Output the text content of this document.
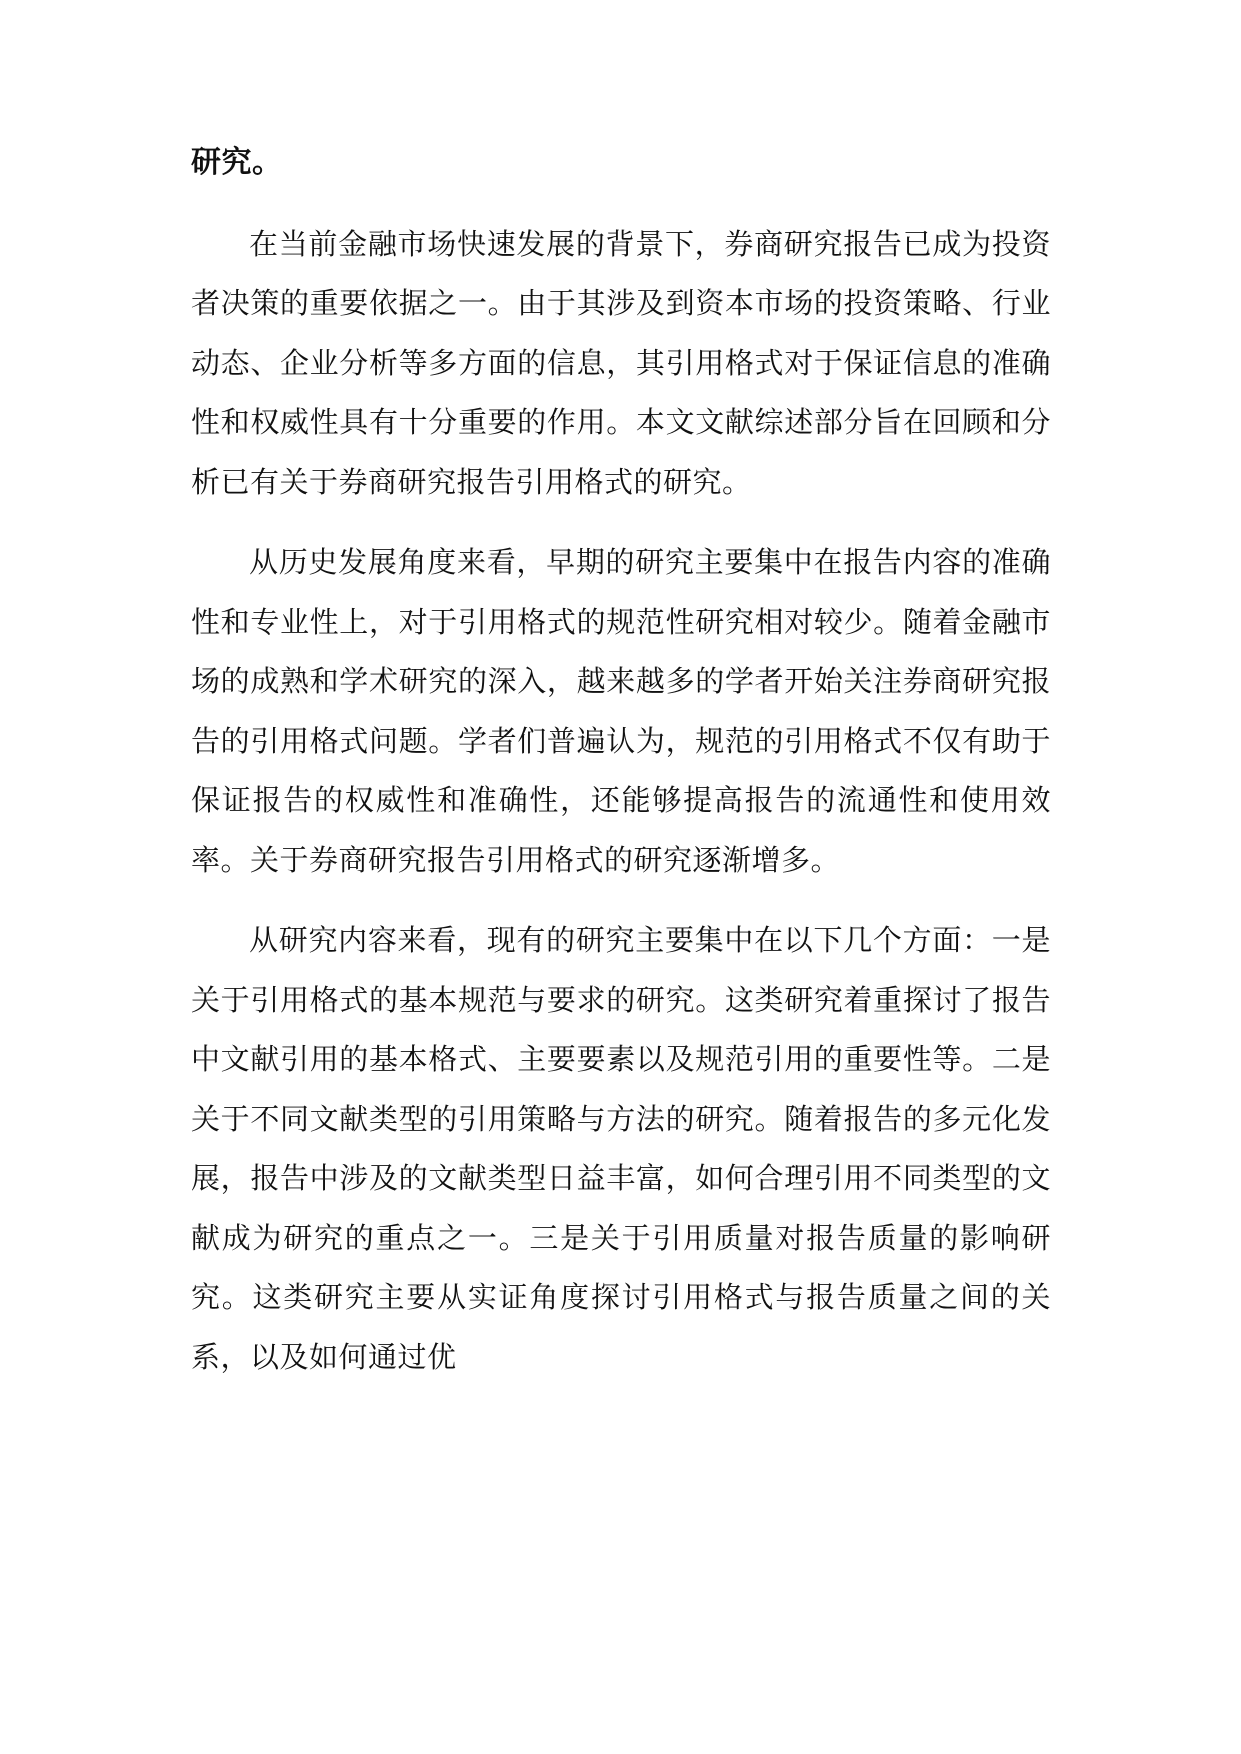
研究。

在当前金融市场快速发展的背景下，券商研究报告已成为投资者决策的重要依据之一。由于其涉及到资本市场的投资策略、行业动态、企业分析等多方面的信息，其引用格式对于保证信息的准确性和权威性具有十分重要的作用。本文文献综述部分旨在回顾和分析已有关于券商研究报告引用格式的研究。

从历史发展角度来看，早期的研究主要集中在报告内容的准确性和专业性上，对于引用格式的规范性研究相对较少。随着金融市场的成熟和学术研究的深入，越来越多的学者开始关注券商研究报告的引用格式问题。学者们普遍认为，规范的引用格式不仅有助于保证报告的权威性和准确性，还能够提高报告的流通性和使用效率。关于券商研究报告引用格式的研究逐渐增多。

从研究内容来看，现有的研究主要集中在以下几个方面：一是关于引用格式的基本规范与要求的研究。这类研究着重探讨了报告中文献引用的基本格式、主要要素以及规范引用的重要性等。二是关于不同文献类型的引用策略与方法的研究。随着报告的多元化发展，报告中涉及的文献类型日益丰富，如何合理引用不同类型的文献成为研究的重点之一。三是关于引用质量对报告质量的影响研究。这类研究主要从实证角度探讨引用格式与报告质量之间的关系，以及如何通过优
